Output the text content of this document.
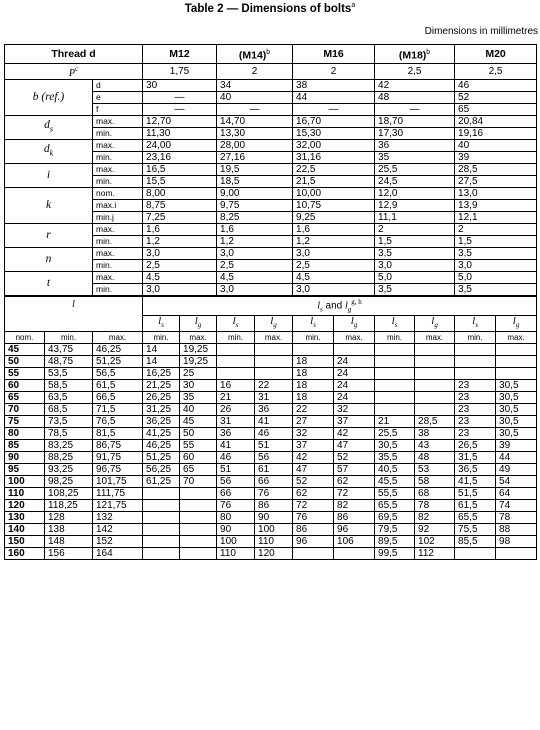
Table 2 — Dimensions of bolts$^a$
Dimensions in millimetres
Thread d			M12		$(M14)^b$		M16		$(M18)^b$		M20	
$P^c$			1,75		2		2		2,5		2,5	
b (ref.)		d	30		34		38		42		46	
		e	—		40		44		48		52	
		f	—		—		—		—		65	
$d_s$		max.	12,70		14,70		16,70		18,70		20,84	
		min.	11,30		13,30		15,30		17,30		19,16	
$d_k$		max.	24,00		28,00		32,00		36		40	
		min.	23,16		27,16		31,16		35		39	
i		max.	16,5		19,5		22,5		25,5		28,5	
		min.	15,5		18,5		21,5		24,5		27,5	
k		nom.	8,00		9,00		10,00		12,0		13,0	
		max.i	8,75		9,75		10,75		12,9		13,9	
		min.j	7,25		8,25		9,25		11,1		12,1	
r		max.	1,6		1,6		1,6		2		2	
		min.	1,2		1,2		1,2		1,5		1,5	
n		max.	3,0		3,0		3,0		3,5		3,5	
		min.	2,5		2,5		2,5		3,0		3,0	
t		max.	4,5		4,5		4,5		5,0		5,0	
		min.	3,0		3,0		3,0		3,5		3,5	
l			$l_s$ and $l_g^{g, h}$
			$l_s$	$l_g$	$l_s$	$l_g$	$l_s$	$l_g$	$l_s$	$l_g$	$l_s$	$l_g$
nom.	min.	max.	min.	max.	min.	max.	min.	max.	min.	max.	min.	max.
45	43,75	46,25	14	19,25								
50	48,75	51,25	14	19,25			18	24				
55	53,5	56,5	16,25	25			18	24				
60	58,5	61,5	21,25	30	16	22	18	24			23	30,5
65	63,5	66,5	26,25	35	21	31	18	24			23	30,5
70	68,5	71,5	31,25	40	26	36	22	32			23	30,5
75	73,5	76,5	36,25	45	31	41	27	37	21	28,5	23	30,5
80	78,5	81,5	41,25	50	36	46	32	42	25,5	38	23	30,5
85	83,25	86,75	46,25	55	41	51	37	47	30,5	43	26,5	39
90	88,25	91,75	51,25	60	46	56	42	52	35,5	48	31,5	44
95	93,25	96,75	56,25	65	51	61	47	57	40,5	53	36,5	49
100	98,25	101,75	61,25	70	56	66	52	62	45,5	58	41,5	54
110	108,25	111,75			66	76	62	72	55,5	68	51,5	64
120	118,25	121,75			76	86	72	82	65,5	78	61,5	74
130	128	132			80	90	76	86	69,5	82	65,5	78
140	138	142			90	100	86	96	79,5	92	75,5	88
150	148	152			100	110	96	106	89,5	102	85,5	98
160	156	164			110	120			99,5	112		
